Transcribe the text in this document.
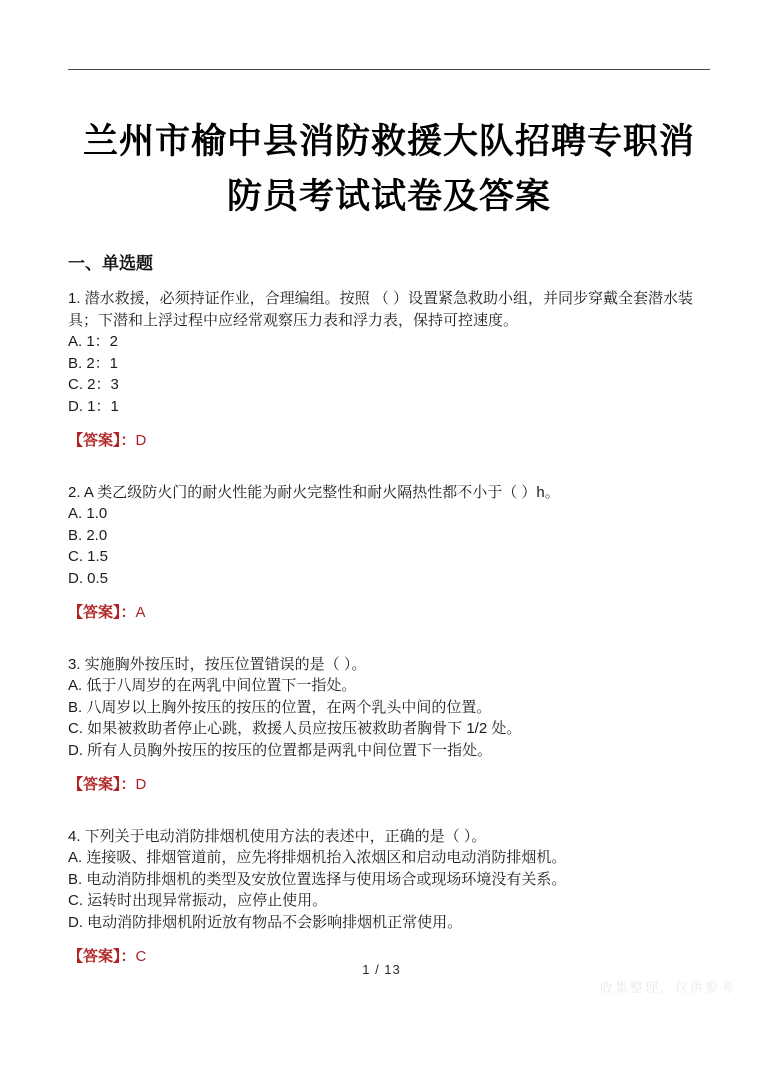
兰州市榆中县消防救援大队招聘专职消防员考试试卷及答案
一、单选题

1. 潜水救援，必须持证作业，合理编组。按照 （ ）设置紧急救助小组，并同步穿戴全套潜水装具；下潜和上浮过程中应经常观察压力表和浮力表，保持可控速度。

A. 1：2

B. 2：1

C. 2：3

D. 1：1

【答案】：D

2. A 类乙级防火门的耐火性能为耐火完整性和耐火隔热性都不小于（ ）h。

A. 1.0

B. 2.0

C. 1.5

D. 0.5

【答案】：A

3. 实施胸外按压时，按压位置错误的是（ ）。

A. 低于八周岁的在两乳中间位置下一指处。

B. 八周岁以上胸外按压的按压的位置，在两个乳头中间的位置。

C. 如果被救助者停止心跳，救援人员应按压被救助者胸骨下 1/2 处。

D. 所有人员胸外按压的按压的位置都是两乳中间位置下一指处。

【答案】：D

4. 下列关于电动消防排烟机使用方法的表述中，正确的是（ ）。

A. 连接吸、排烟管道前，应先将排烟机抬入浓烟区和启动电动消防排烟机。

B. 电动消防排烟机的类型及安放位置选择与使用场合或现场环境没有关系。

C. 运转时出现异常振动，应停止使用。

D. 电动消防排烟机附近放有物品不会影响排烟机正常使用。

【答案】：C

1 / 13
收集整理，仅供参考
